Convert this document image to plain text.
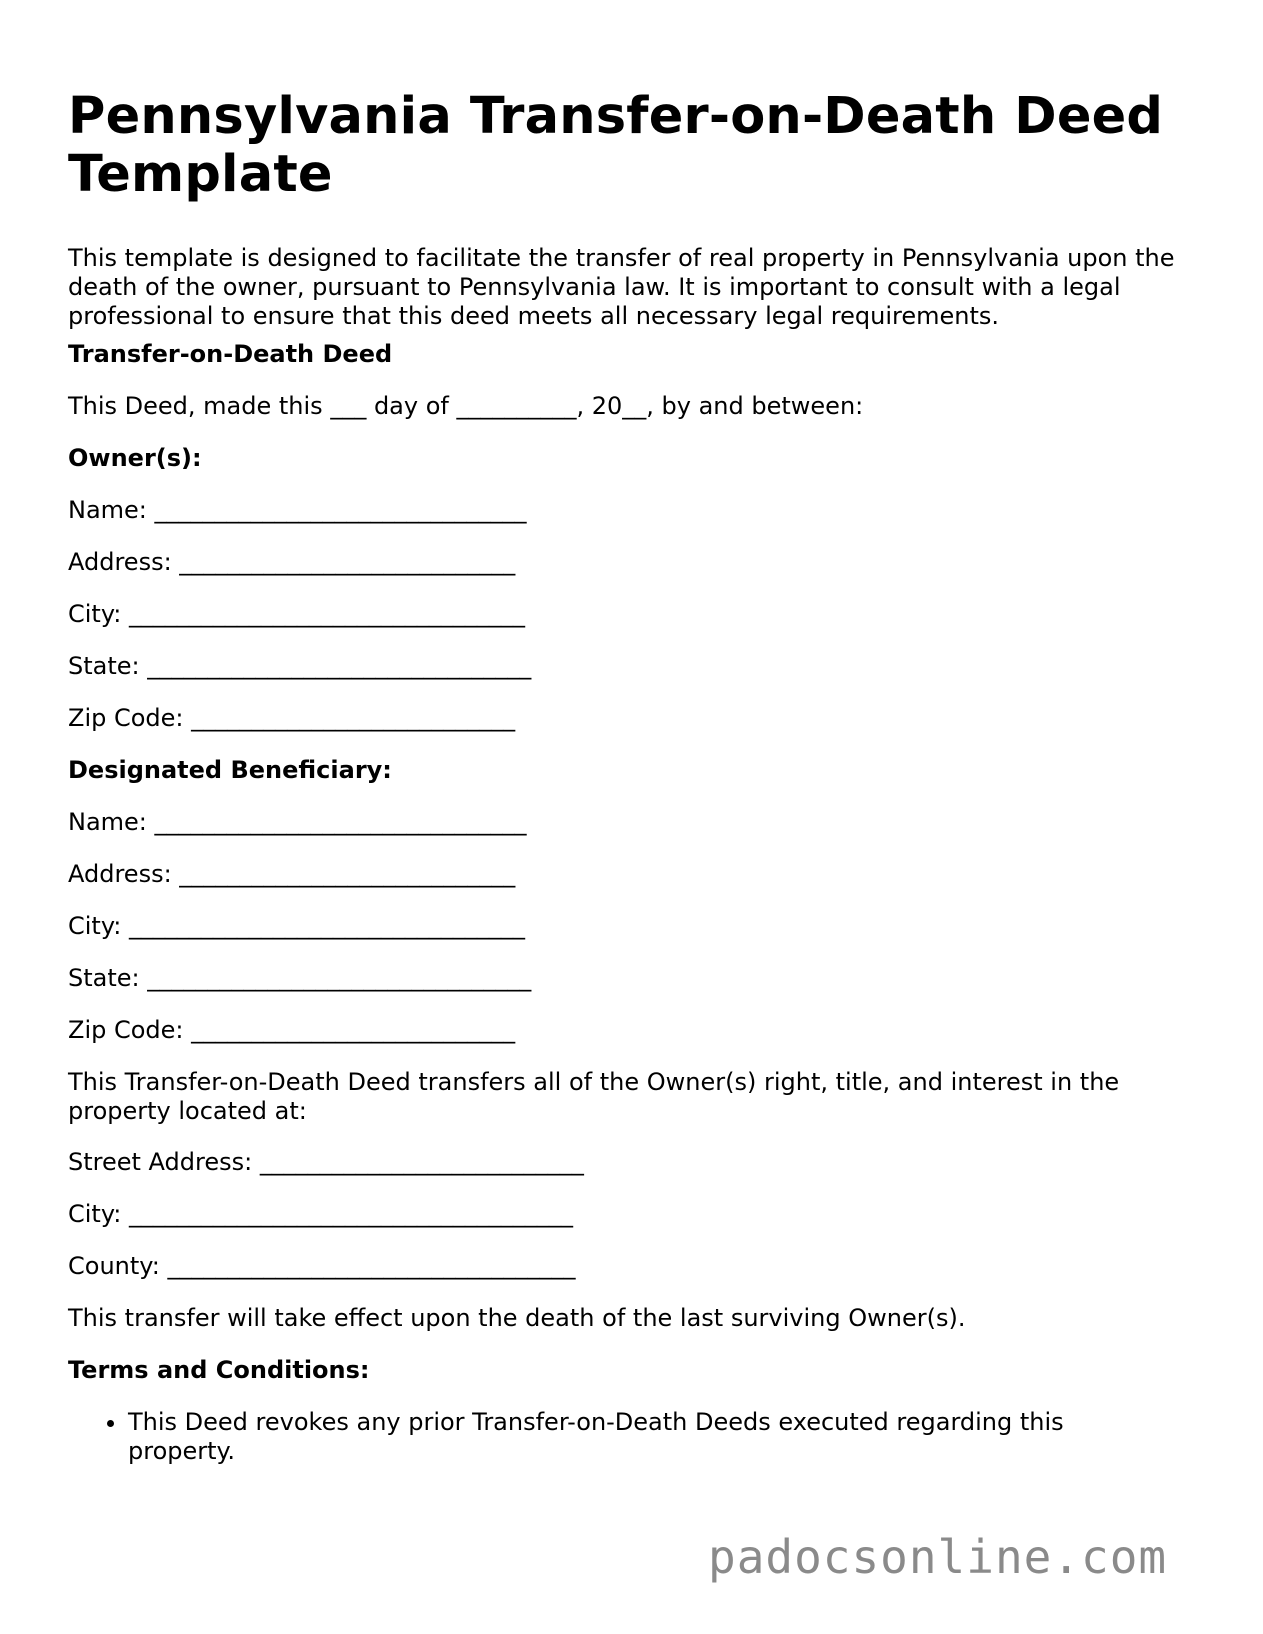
Pennsylvania Transfer-on-Death Deed Template

This template is designed to facilitate the transfer of real property in Pennsylvania upon the death of the owner, pursuant to Pennsylvania law. It is important to consult with a legal professional to ensure that this deed meets all necessary legal requirements.

Transfer-on-Death Deed
This Deed, made this ___ day of __________, 20__, by and between:
Owner(s):
Name: _______________________________
Address: ____________________________
City: _________________________________
State: ________________________________
Zip Code: ___________________________
Designated Beneficiary:
Name: _______________________________
Address: ____________________________
City: _________________________________
State: ________________________________
Zip Code: ___________________________

This Transfer-on-Death Deed transfers all of the Owner(s) right, title, and interest in the property located at:

Street Address: ___________________________
City: _____________________________________
County: __________________________________

This transfer will take effect upon the death of the last surviving Owner(s).

Terms and Conditions:
• This Deed revokes any prior Transfer-on-Death Deeds executed regarding this property.
padocsonline.com
